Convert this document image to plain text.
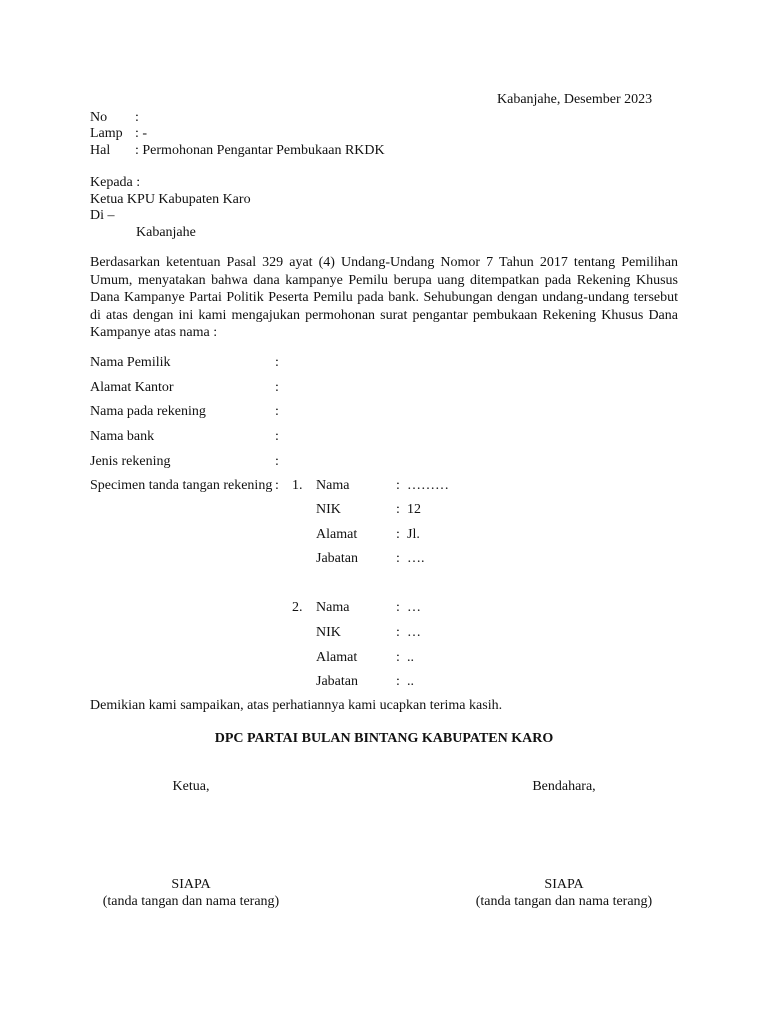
Kabanjahe, Desember 2023
No :
Lamp : -
Hal : Permohonan Pengantar Pembukaan RKDK
Kepada :
Ketua KPU Kabupaten Karo
Di –
Kabanjahe
Berdasarkan ketentuan Pasal 329 ayat (4) Undang-Undang Nomor 7 Tahun 2017 tentang Pemilihan Umum, menyatakan bahwa dana kampanye Pemilu berupa uang ditempatkan pada Rekening Khusus Dana Kampanye Partai Politik Peserta Pemilu pada bank. Sehubungan dengan undang-undang tersebut di atas dengan ini kami mengajukan permohonan surat pengantar pembukaan Rekening Khusus Dana Kampanye atas nama :
Nama Pemilik	:
Alamat Kantor	:
Nama pada rekening	:
Nama bank	:
Jenis rekening	:
Specimen tanda tangan rekening : 1. Nama	: ………
NIK	: 12
Alamat	: Jl.
Jabatan	: ….
2. Nama	: …
NIK	: …
Alamat	: ..
Jabatan	: ..
Demikian kami sampaikan, atas perhatiannya kami ucapkan terima kasih.
DPC PARTAI BULAN BINTANG KABUPATEN KARO
Ketua,	Bendahara,
SIAPA	SIAPA
(tanda tangan dan nama terang)	(tanda tangan dan nama terang)
